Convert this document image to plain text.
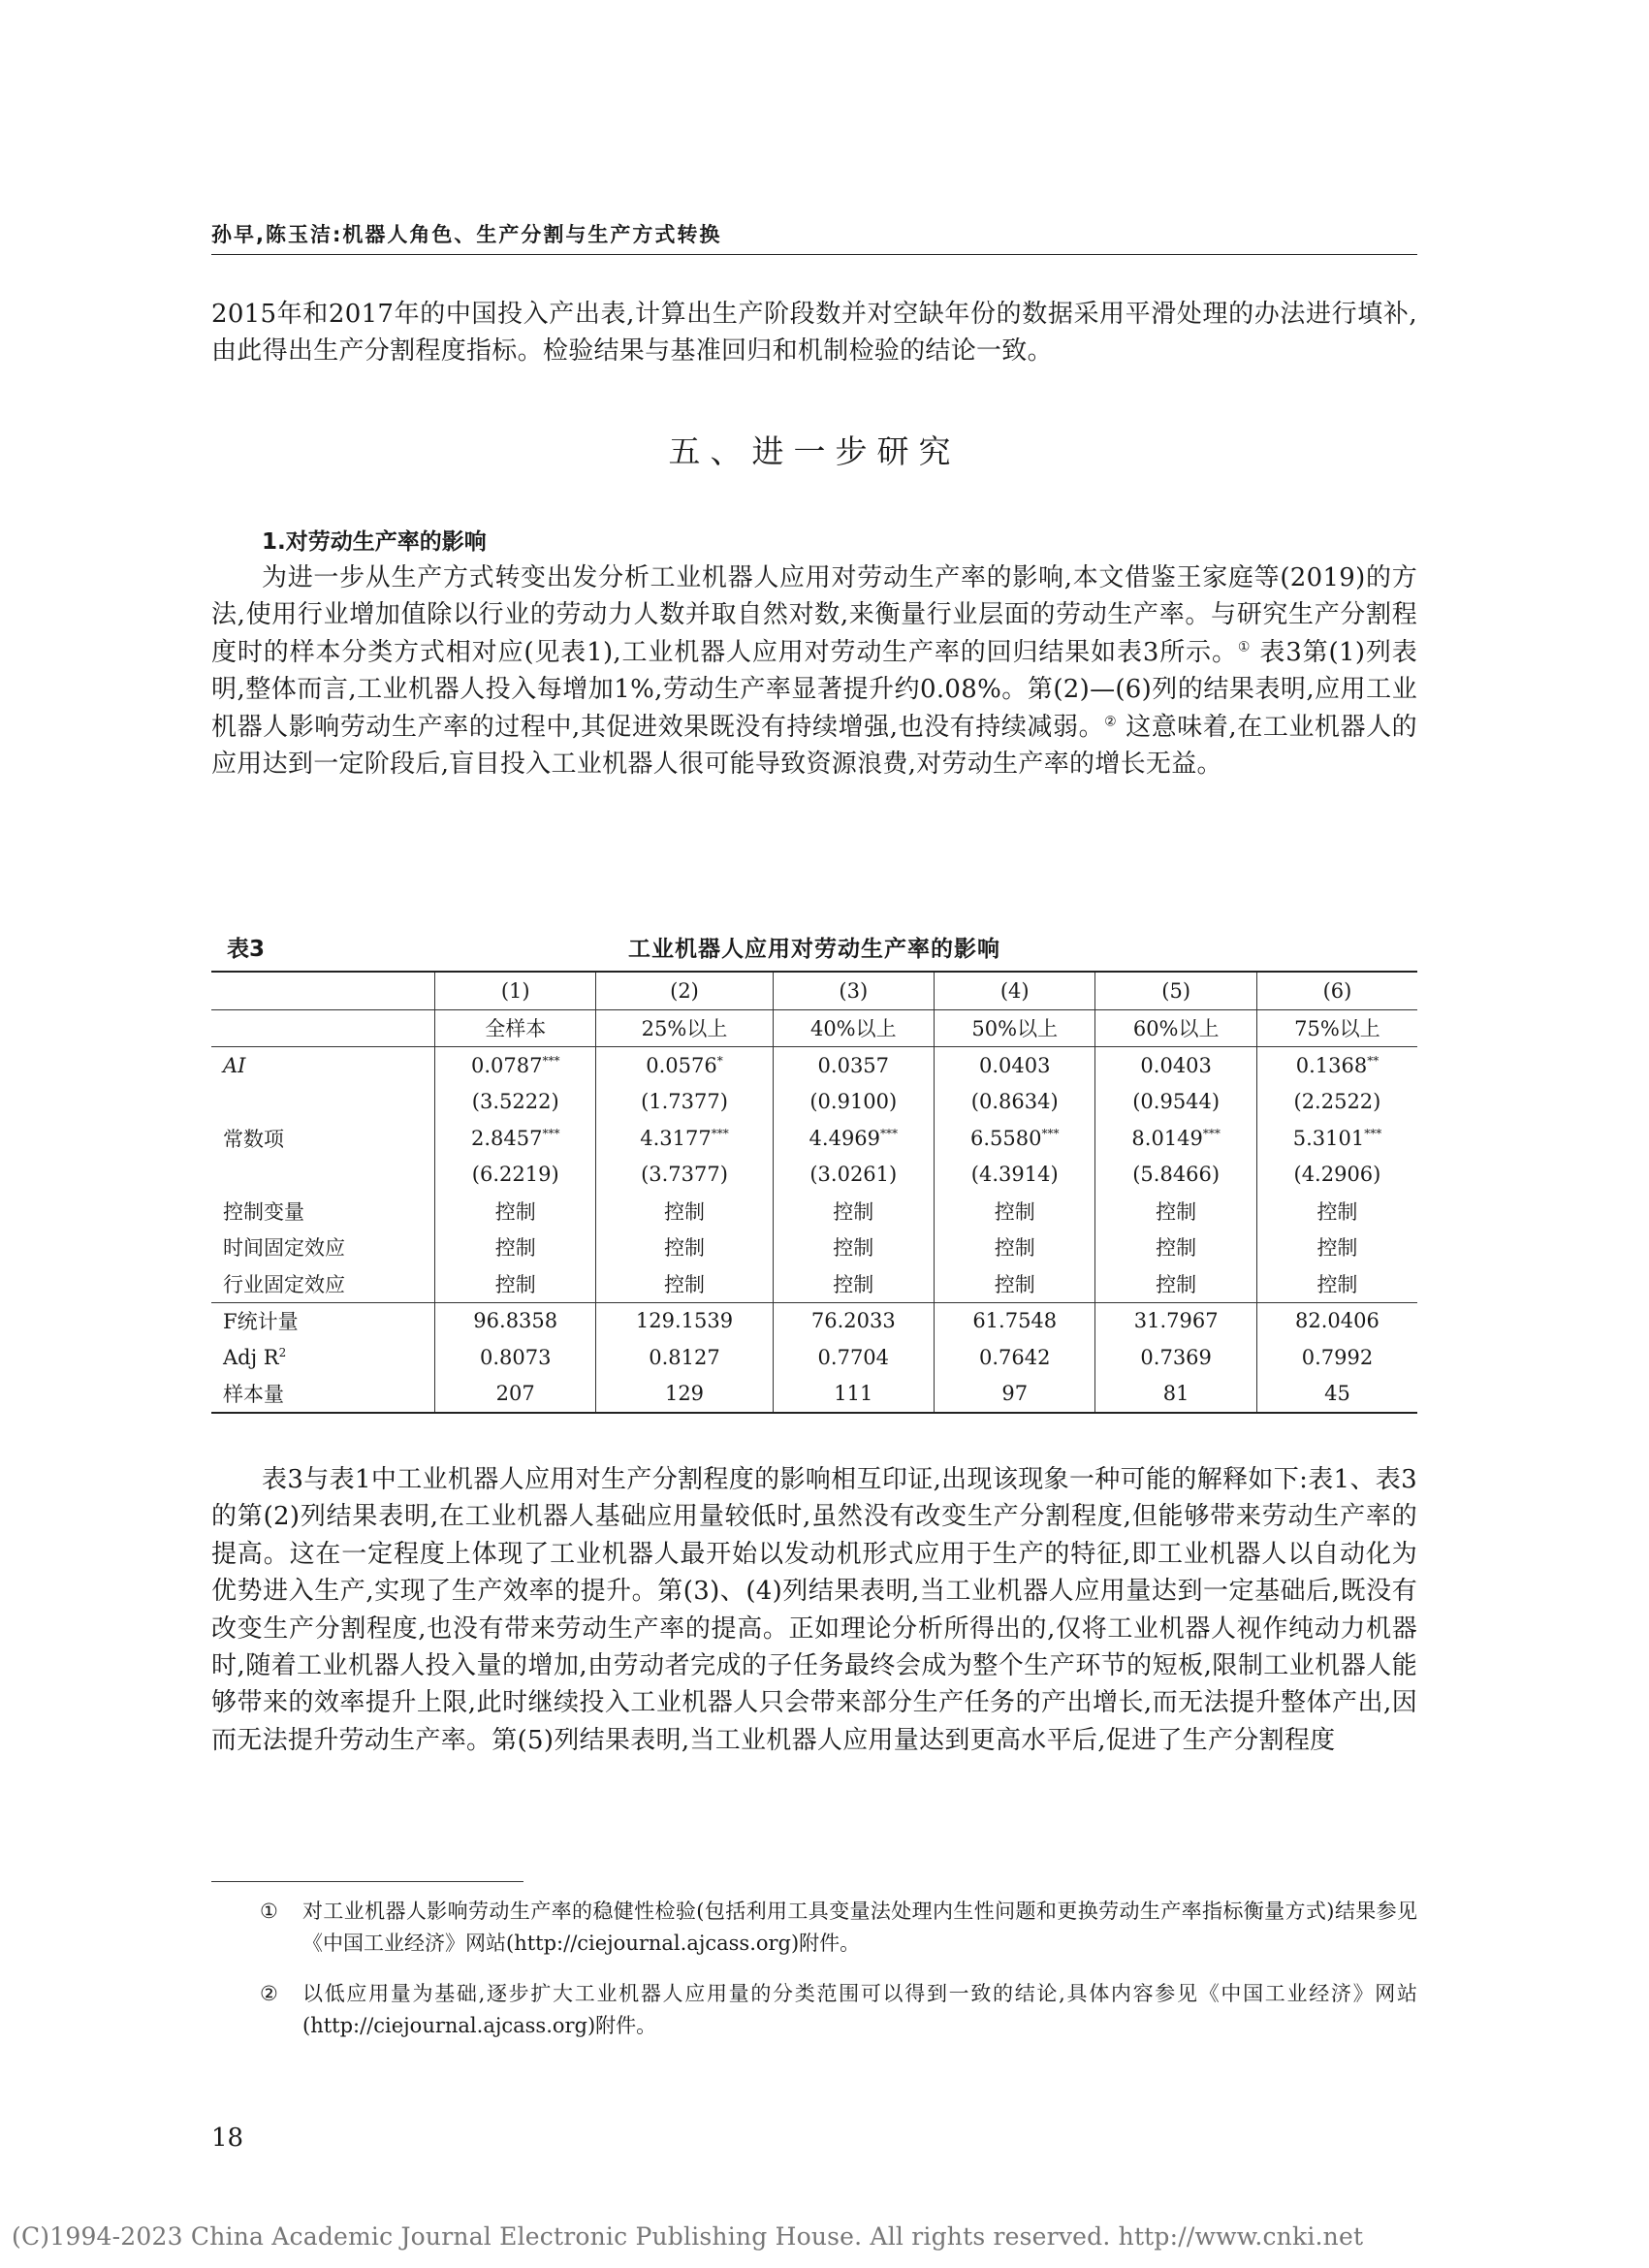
孙早,陈玉洁:机器人角色、生产分割与生产方式转换

2015年和2017年的中国投入产出表,计算出生产阶段数并对空缺年份的数据采用平滑处理的办法进行填补,由此得出生产分割程度指标。检验结果与基准回归和机制检验的结论一致。

五、进一步研究
1.对劳动生产率的影响

为进一步从生产方式转变出发分析工业机器人应用对劳动生产率的影响,本文借鉴王家庭等(2019)的方法,使用行业增加值除以行业的劳动力人数并取自然对数,来衡量行业层面的劳动生产率。与研究生产分割程度时的样本分类方式相对应(见表1),工业机器人应用对劳动生产率的回归结果如表3所示。① 表3第(1)列表明,整体而言,工业机器人投入每增加1%,劳动生产率显著提升约0.08%。第(2)—(6)列的结果表明,应用工业机器人影响劳动生产率的过程中,其促进效果既没有持续增强,也没有持续减弱。② 这意味着,在工业机器人的应用达到一定阶段后,盲目投入工业机器人很可能导致资源浪费,对劳动生产率的增长无益。

表3	工业机器人应用对劳动生产率的影响
	(1)	(2)	(3)	(4)	(5)	(6)
	全样本	25%以上	40%以上	50%以上	60%以上	75%以上
AI	0.0787***	0.0576*	0.0357	0.0403	0.0403	0.1368**
	(3.5222)	(1.7377)	(0.9100)	(0.8634)	(0.9544)	(2.2522)
常数项	2.8457***	4.3177***	4.4969***	6.5580***	8.0149***	5.3101***
	(6.2219)	(3.7377)	(3.0261)	(4.3914)	(5.8466)	(4.2906)
控制变量	控制	控制	控制	控制	控制	控制
时间固定效应	控制	控制	控制	控制	控制	控制
行业固定效应	控制	控制	控制	控制	控制	控制
F统计量	96.8358	129.1539	76.2033	61.7548	31.7967	82.0406
Adj $R^2$	0.8073	0.8127	0.7704	0.7642	0.7369	0.7992
样本量	207	129	111	97	81	45

表3与表1中工业机器人应用对生产分割程度的影响相互印证,出现该现象一种可能的解释如下:表1、表3的第(2)列结果表明,在工业机器人基础应用量较低时,虽然没有改变生产分割程度,但能够带来劳动生产率的提高。这在一定程度上体现了工业机器人最开始以发动机形式应用于生产的特征,即工业机器人以自动化为优势进入生产,实现了生产效率的提升。第(3)、(4)列结果表明,当工业机器人应用量达到一定基础后,既没有改变生产分割程度,也没有带来劳动生产率的提高。正如理论分析所得出的,仅将工业机器人视作纯动力机器时,随着工业机器人投入量的增加,由劳动者完成的子任务最终会成为整个生产环节的短板,限制工业机器人能够带来的效率提升上限,此时继续投入工业机器人只会带来部分生产任务的产出增长,而无法提升整体产出,因而无法提升劳动生产率。第(5)列结果表明,当工业机器人应用量达到更高水平后,促进了生产分割程度

①	对工业机器人影响劳动生产率的稳健性检验(包括利用工具变量法处理内生性问题和更换劳动生产率指标衡量方式)结果参见《中国工业经济》网站(http://ciejournal.ajcass.org)附件。
②	以低应用量为基础,逐步扩大工业机器人应用量的分类范围可以得到一致的结论,具体内容参见《中国工业经济》网站(http://ciejournal.ajcass.org)附件。
18
(C)1994-2023 China Academic Journal Electronic Publishing House. All rights reserved. http://www.cnki.net
